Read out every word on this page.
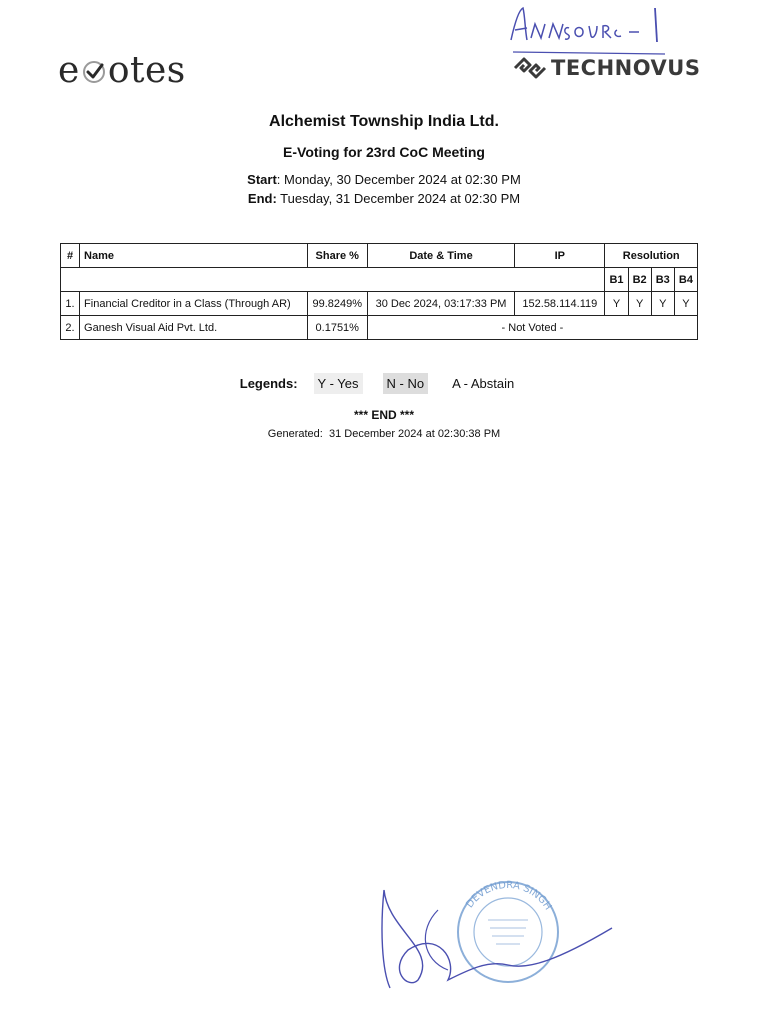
e otes	TECHNOVUS
Alchemist Township India Ltd.
E-Voting for 23rd CoC Meeting
Start: Monday, 30 December 2024 at 02:30 PM
End: Tuesday, 31 December 2024 at 02:30 PM
#	Name	Share %	Date & Time	IP	Resolution			
					B1	B2	B3	B4
1.	Financial Creditor in a Class (Through AR)	99.8249%	30 Dec 2024, 03:17:33 PM	152.58.114.119	Y	Y	Y	Y
2.	Ganesh Visual Aid Pvt. Ltd.	0.1751%	- Not Voted -					
Legends:	Y - Yes	N - No	A - Abstain
*** END ***
Generated: 31 December 2024 at 02:30:38 PM
DEVENDRA SINGH
